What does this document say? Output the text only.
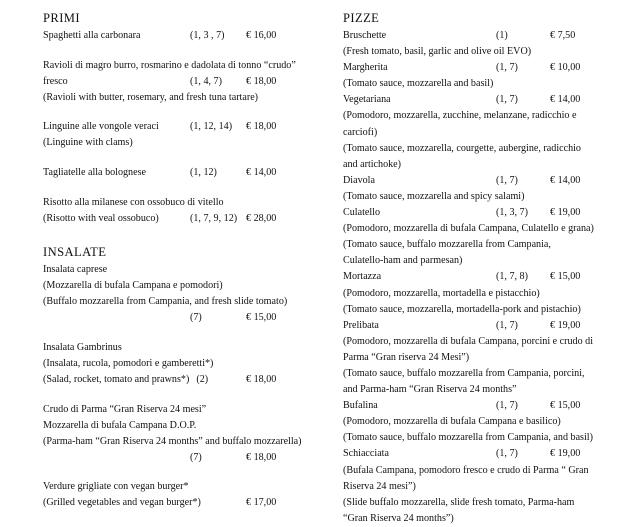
PRIMI
Spaghetti alla carbonara	(1, 3 , 7) € 16,00
Ravioli di magro burro, rosmarino e dadolata di tonno “crudo”
fresco	(1, 4, 7) € 18,00
(Ravioli with butter, rosemary, and fresh tuna tartare)
Linguine alle vongole veraci	(1, 12, 14) € 18,00
(Linguine with clams)
Tagliatelle alla bolognese	(1, 12)	€ 14,00
Risotto alla milanese con ossobuco di vitello
(Risotto with veal ossobuco)	(1, 7, 9, 12) € 28,00
INSALATE
Insalata caprese
(Mozzarella di bufala Campana e pomodori)
(Buffalo mozzarella from Campania, and fresh slide tomato)
(7)	€ 15,00
Insalata Gambrinus
(Insalata, rucola, pomodori e gamberetti*)
(Salad, rocket, tomato and prawns*) (2)	€ 18,00
Crudo di Parma “Gran Riserva 24 mesi”
Mozzarella di bufala Campana D.O.P.
(Parma-ham “Gran Riserva 24 months” and buffalo mozzarella)
(7)	€ 18,00
Verdure grigliate con vegan burger*
(Grilled vegetables and vegan burger*)	€ 17,00
PIZZE
Bruschette	(1)	€ 7,50
(Fresh tomato, basil, garlic and olive oil EVO)
Margherita	(1, 7)	€ 10,00
(Tomato sauce, mozzarella and basil)
Vegetariana	(1, 7)	€ 14,00
(Pomodoro, mozzarella, zucchine, melanzane, radicchio e
carciofi)
(Tomato sauce, mozzarella, courgette, aubergine, radicchio
and artichoke)
Diavola	(1, 7)	€ 14,00
(Tomato sauce, mozzarella and spicy salami)
Culatello	(1, 3, 7) € 19,00
(Pomodoro, mozzarella di bufala Campana, Culatello e grana)
(Tomato sauce, buffalo mozzarella from Campania,
Culatello-ham and parmesan)
Mortazza	(1, 7, 8) € 15,00
(Pomodoro, mozzarella, mortadella e pistacchio)
(Tomato sauce, mozzarella, mortadella-pork and pistachio)
Prelibata	(1, 7)	€ 19,00
(Pomodoro, mozzarella di bufala Campana, porcini e crudo di
Parma “Gran riserva 24 Mesi”)
(Tomato sauce, buffalo mozzarella from Campania, porcini,
and Parma-ham “Gran Riserva 24 months”
Bufalina	(1, 7)	€ 15,00
(Pomodoro, mozzarella di bufala Campana e basilico)
(Tomato sauce, buffalo mozzarella from Campania, and basil)
Schiacciata	(1, 7)	€ 19,00
(Bufala Campana, pomodoro fresco e crudo di Parma “ Gran
Riserva 24 mesi”)
(Slide buffalo mozzarella, slide fresh tomato, Parma-ham
“Gran Riserva 24 months”)
